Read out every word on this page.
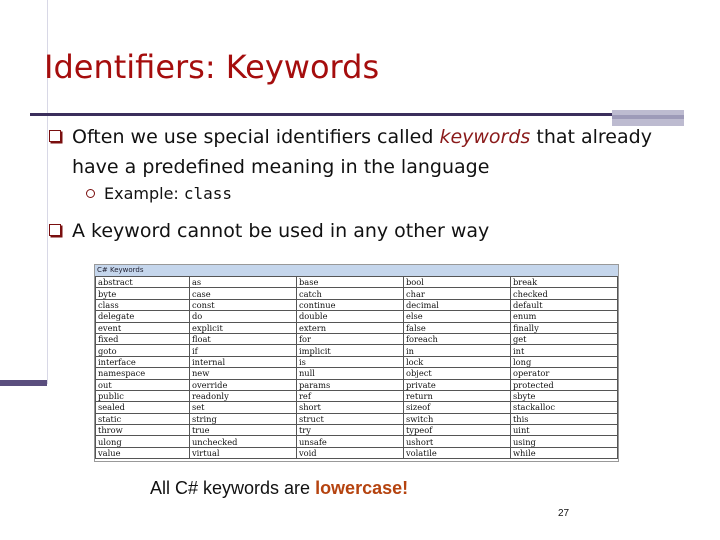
Identifiers: Keywords
Often we use special identifiers called keywords that already
have a predefined meaning in the language
Example: class
A keyword cannot be used in any other way
C# Keywords
abstract	as	base	bool	break
byte	case	catch	char	checked
class	const	continue	decimal	default
delegate	do	double	else	enum
event	explicit	extern	false	finally
fixed	float	for	foreach	get
goto	if	implicit	in	int
interface	internal	is	lock	long
namespace	new	null	object	operator
out	override	params	private	protected
public	readonly	ref	return	sbyte
sealed	set	short	sizeof	stackalloc
static	string	struct	switch	this
throw	true	try	typeof	uint
ulong	unchecked	unsafe	ushort	using
value	virtual	void	volatile	while
All C# keywords are lowercase!
27
